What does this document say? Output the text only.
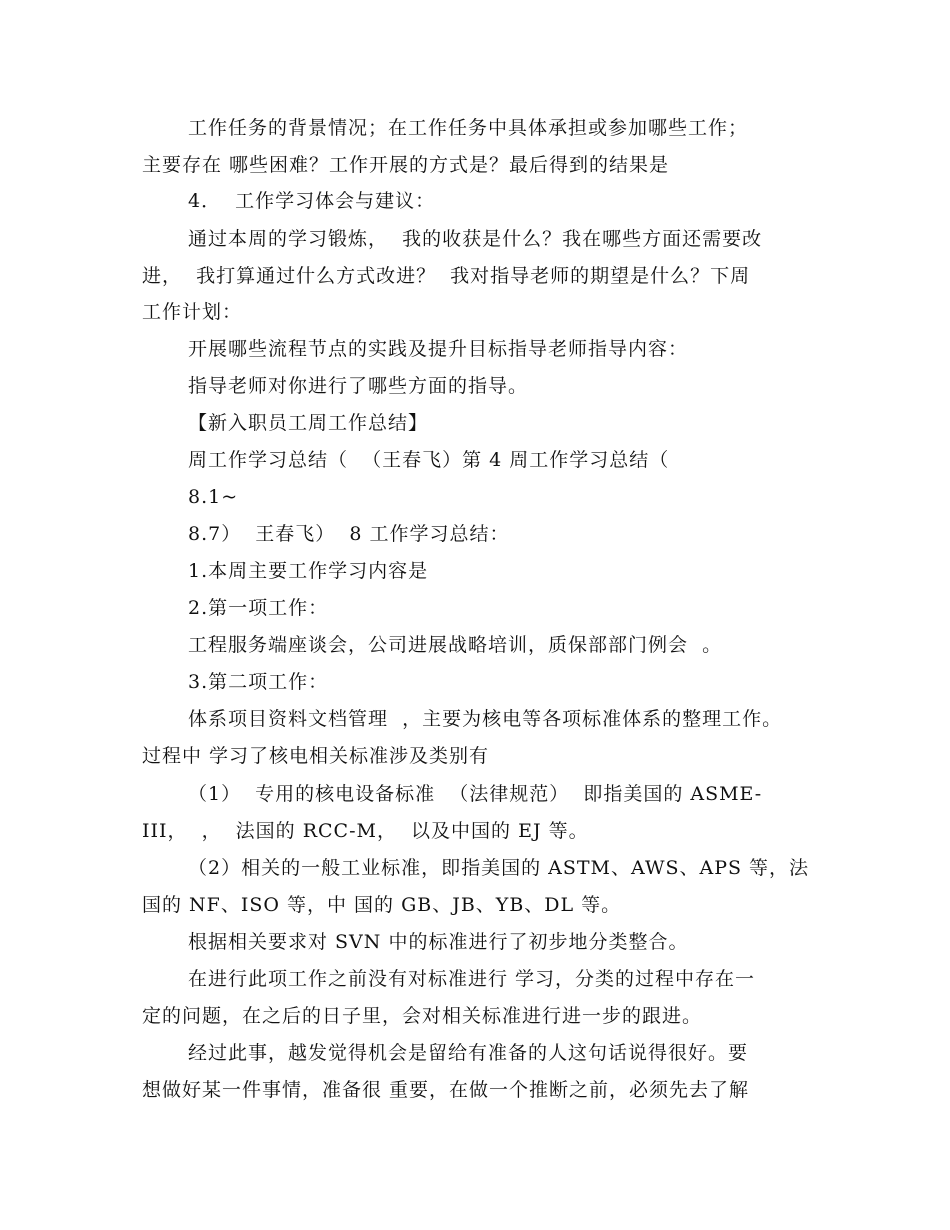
工作任务的背景情况；在工作任务中具体承担或参加哪些工作；
主要存在 哪些困难？工作开展的方式是？最后得到的结果是
4．  工作学习体会与建议：
通过本周的学习锻炼，  我的收获是什么？我在哪些方面还需要改
进，  我打算通过什么方式改进？  我对指导老师的期望是什么？下周
工作计划：
开展哪些流程节点的实践及提升目标指导老师指导内容：
指导老师对你进行了哪些方面的指导。
【新入职员工周工作总结】
周工作学习总结（  （王春飞）第 4 周工作学习总结（
8.1~
8.7）  王春飞）  8 工作学习总结：
1.本周主要工作学习内容是
2.第一项工作：
工程服务端座谈会，公司进展战略培训，质保部部门例会  。
3.第二项工作：
体系项目资料文档管理  ，主要为核电等各项标准体系的整理工作。
过程中 学习了核电相关标准涉及类别有
（1）  专用的核电设备标准  （法律规范）  即指美国的 ASME-
III，  ，  法国的 RCC-M，  以及中国的 EJ 等。
（2）相关的一般工业标准，即指美国的 ASTM、AWS、APS 等，法
国的 NF、ISO 等，中 国的 GB、JB、YB、DL 等。
根据相关要求对 SVN 中的标准进行了初步地分类整合。
在进行此项工作之前没有对标准进行 学习，分类的过程中存在一
定的问题，在之后的日子里，会对相关标准进行进一步的跟进。
经过此事，越发觉得机会是留给有准备的人这句话说得很好。要
想做好某一件事情，准备很 重要，在做一个推断之前，必须先去了解
